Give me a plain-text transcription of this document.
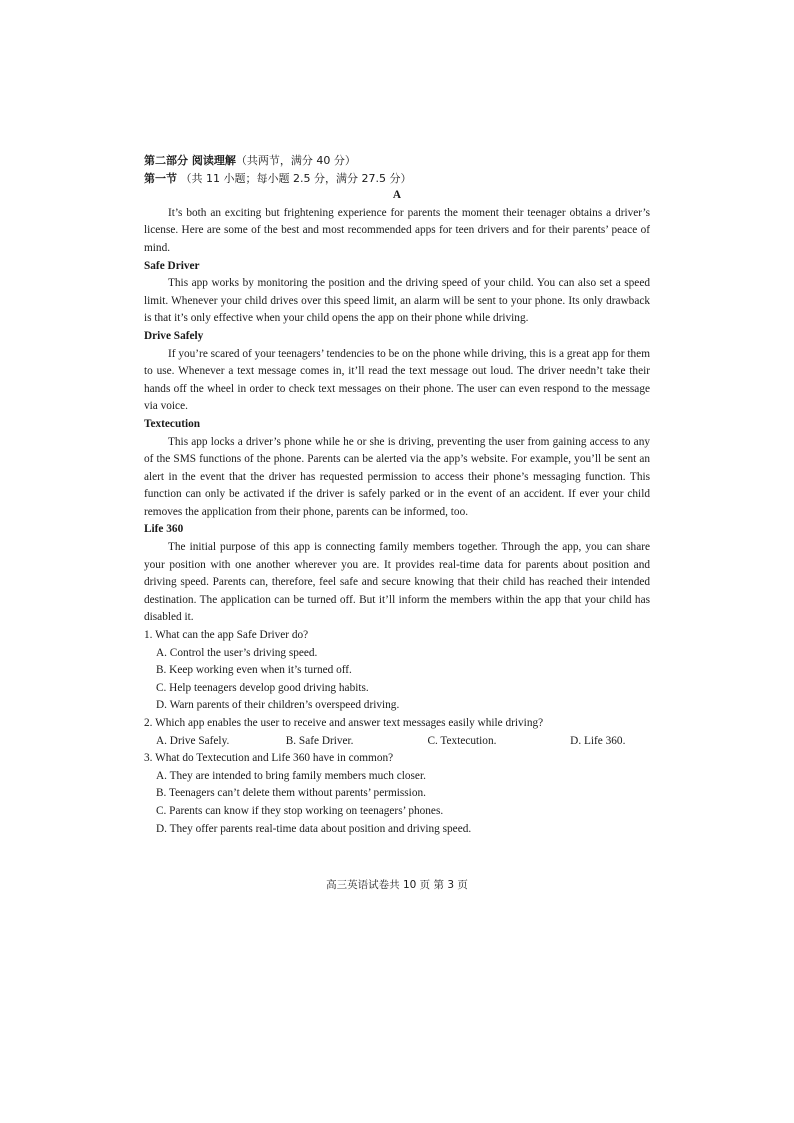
第二部分 阅读理解（共两节，满分 40 分）
第一节 （共 11 小题；每小题 2.5 分，满分 27.5 分）
A

It’s both an exciting but frightening experience for parents the moment their teenager obtains a driver’s license. Here are some of the best and most recommended apps for teen drivers and for their parents’ peace of mind.

Safe Driver

This app works by monitoring the position and the driving speed of your child. You can also set a speed limit. Whenever your child drives over this speed limit, an alarm will be sent to your phone. Its only drawback is that it’s only effective when your child opens the app on their phone while driving.

Drive Safely

If you’re scared of your teenagers’ tendencies to be on the phone while driving, this is a great app for them to use. Whenever a text message comes in, it’ll read the text message out loud. The driver needn’t take their hands off the wheel in order to check text messages on their phone. The user can even respond to the message via voice.

Textecution

This app locks a driver’s phone while he or she is driving, preventing the user from gaining access to any of the SMS functions of the phone. Parents can be alerted via the app’s website. For example, you’ll be sent an alert in the event that the driver has requested permission to access their phone’s messaging function. This function can only be activated if the driver is safely parked or in the event of an accident. If ever your child removes the application from their phone, parents can be informed, too.

Life 360

The initial purpose of this app is connecting family members together. Through the app, you can share your position with one another wherever you are. It provides real-time data for parents about position and driving speed. Parents can, therefore, feel safe and secure knowing that their child has reached their intended destination. The application can be turned off. But it’ll inform the members within the app that your child has disabled it.

1. What can the app Safe Driver do?

A. Control the user’s driving speed.

B. Keep working even when it’s turned off.

C. Help teenagers develop good driving habits.

D. Warn parents of their children’s overspeed driving.

2. Which app enables the user to receive and answer text messages easily while driving?

A. Drive Safely.	B. Safe Driver.	C. Textecution.	D. Life 360.

3. What do Textecution and Life 360 have in common?

A. They are intended to bring family members much closer.

B. Teenagers can’t delete them without parents’ permission.

C. Parents can know if they stop working on teenagers’ phones.

D. They offer parents real-time data about position and driving speed.

高三英语试卷共 10 页 第 3 页
